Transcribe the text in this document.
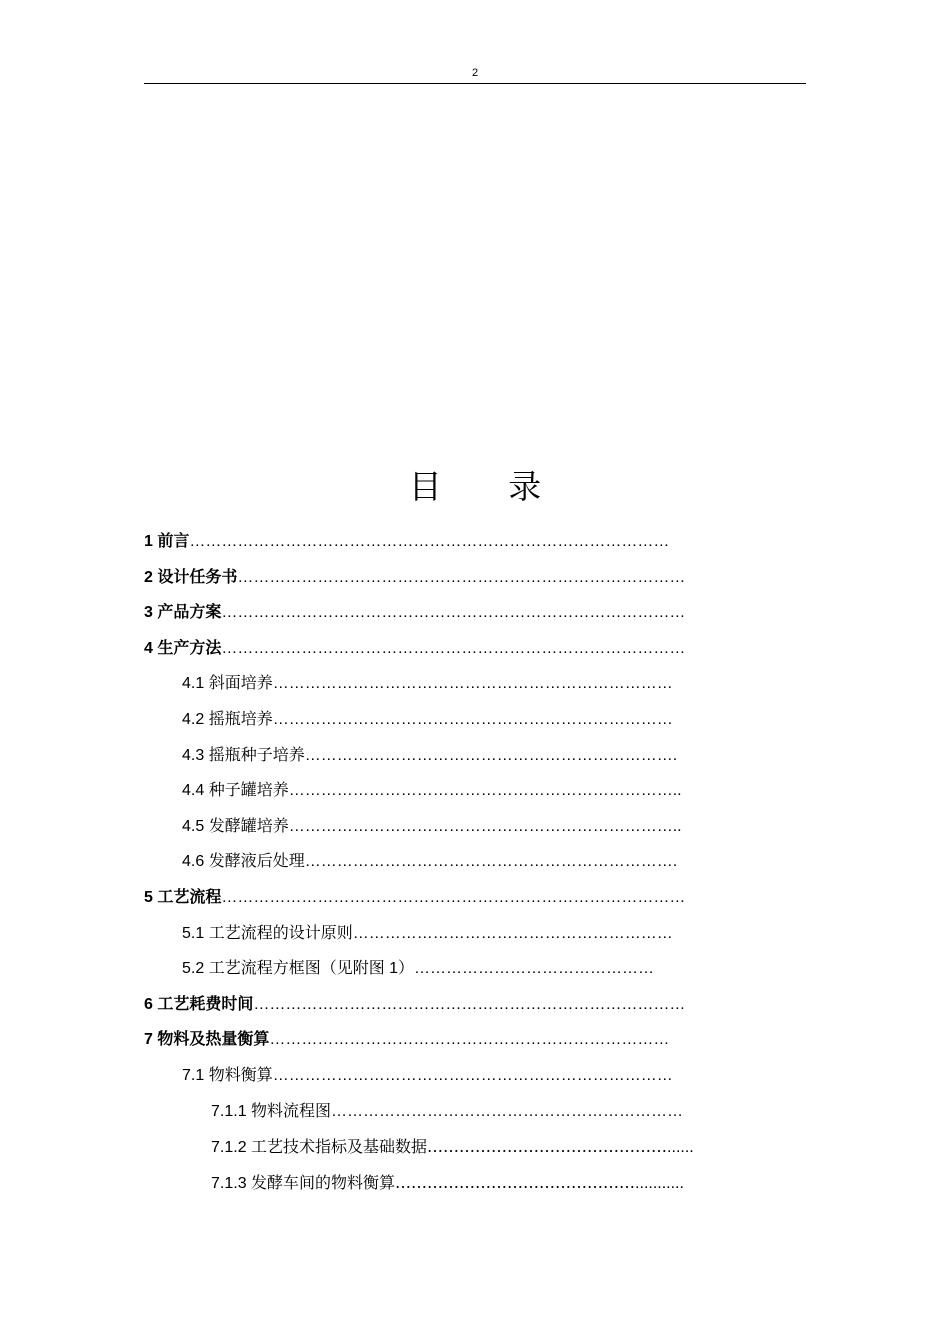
2
目 录
1 前言………………………………………………………………………………
2 设计任务书…………………………………………………………………………
3 产品方案……………………………………………………………………………
4 生产方法……………………………………………………………………………
4.1 斜面培养…………………………………………………………………
4.2 摇瓶培养…………………………………………………………………
4.3 摇瓶种子培养…………………………………………………………….
4.4 种子罐培养………………………………………………………………..
4.5 发酵罐培养………………………………………………………………..
4.6 发酵液后处理…………………………………………………………….
5 工艺流程……………………………………………………………………………
5.1 工艺流程的设计原则……………………………………………………
5.2 工艺流程方框图（见附图 1）………………………………………
6 工艺耗费时间………………………………………………………………………
7 物料及热量衡算…………………………………………………………………
7.1 物料衡算…………………………………………………………………
7.1.1 物料流程图…………………………………………………………
7.1.2 工艺技术指标及基础数据………………………………………......
7.1.3 发酵车间的物料衡算………………………………………...........
